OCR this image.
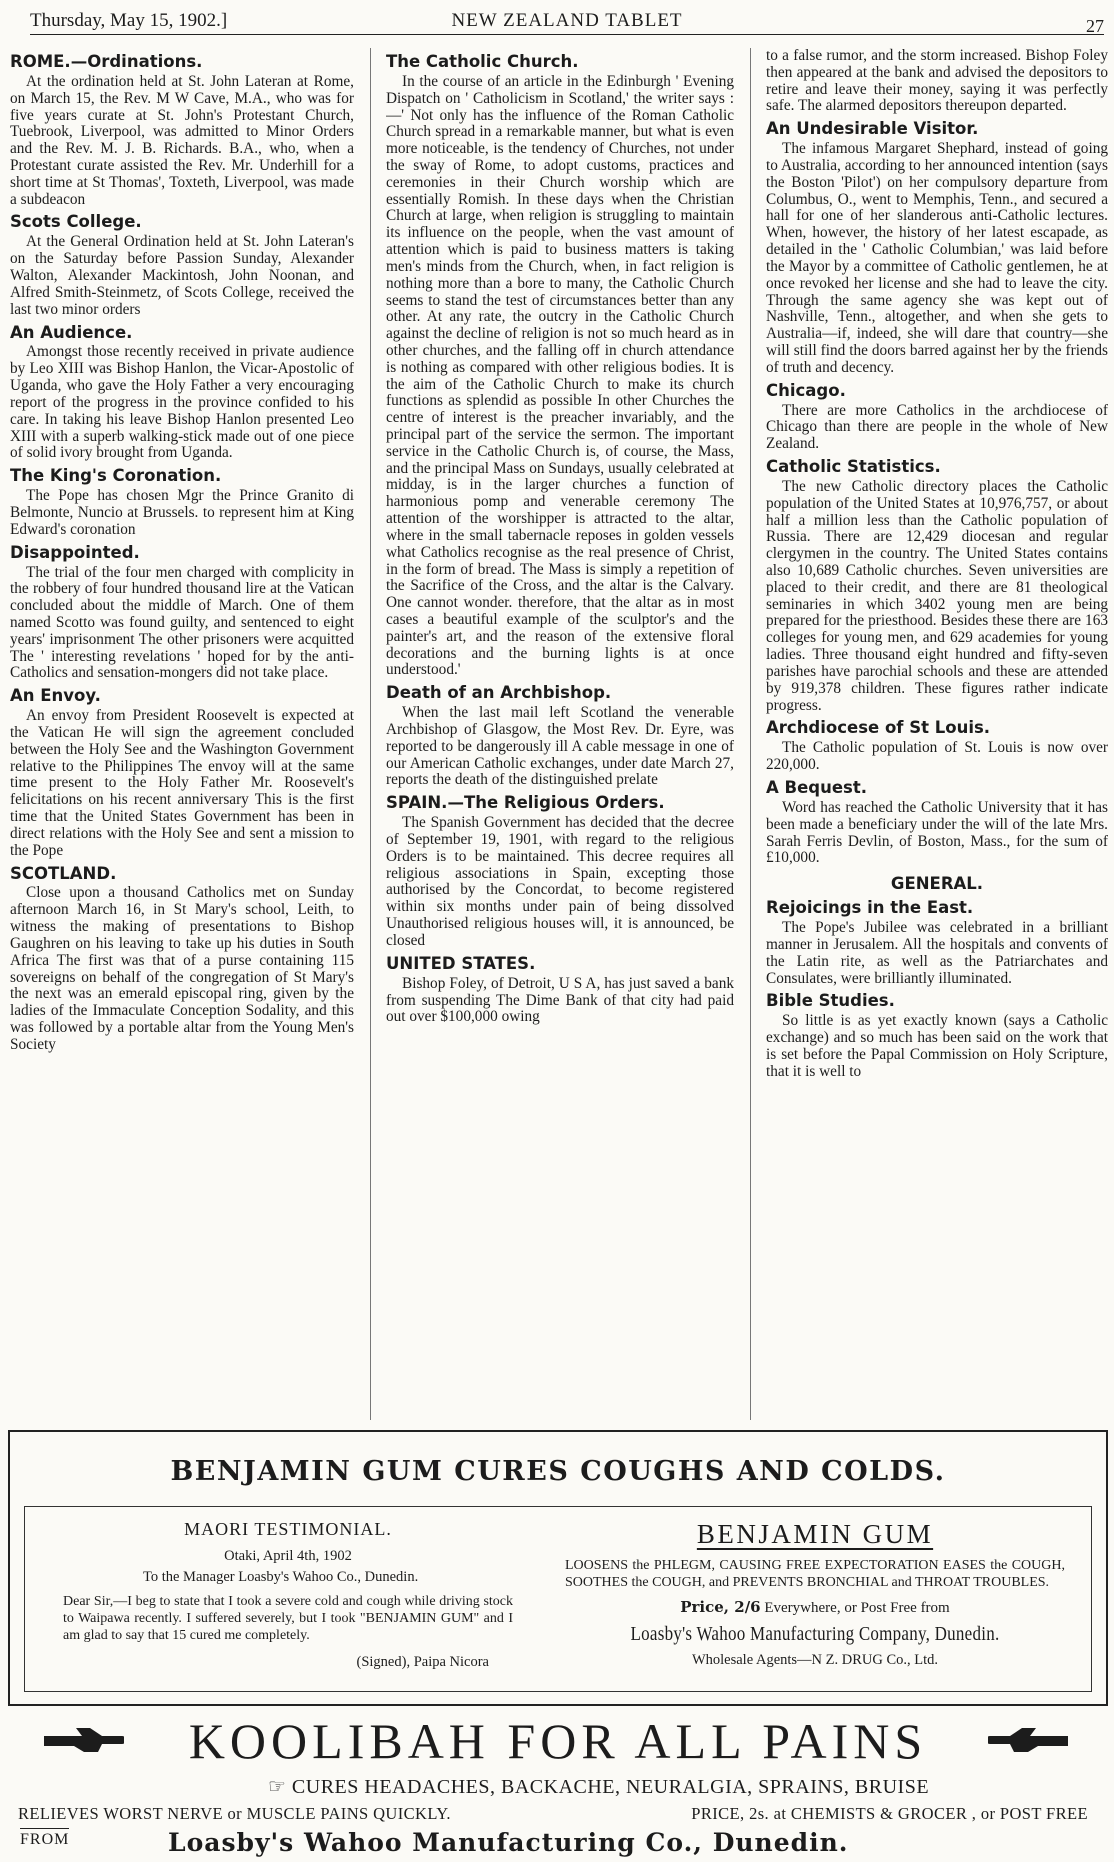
Thursday, May 15, 1902.]	NEW ZEALAND TABLET	27
ROME.—Ordinations.

At the ordination held at St. John Lateran at Rome, on March 15, the Rev. M W Cave, M.A., who was for five years curate at St. John's Protestant Church, Tuebrook, Liverpool, was admitted to Minor Orders and the Rev. M. J. B. Richards. B.A., who, when a Protestant curate assisted the Rev. Mr. Underhill for a short time at St Thomas', Toxteth, Liverpool, was made a subdeacon

Scots College.

At the General Ordination held at St. John Lateran's on the Saturday before Passion Sunday, Alexander Walton, Alexander Mackintosh, John Noonan, and Alfred Smith-Steinmetz, of Scots College, received the last two minor orders

An Audience.

Amongst those recently received in private audience by Leo XIII was Bishop Hanlon, the Vicar-Apostolic of Uganda, who gave the Holy Father a very encouraging report of the progress in the province confided to his care. In taking his leave Bishop Hanlon presented Leo XIII with a superb walking-stick made out of one piece of solid ivory brought from Uganda.

The King's Coronation.

The Pope has chosen Mgr the Prince Granito di Belmonte, Nuncio at Brussels. to represent him at King Edward's coronation

Disappointed.

The trial of the four men charged with complicity in the robbery of four hundred thousand lire at the Vatican concluded about the middle of March. One of them named Scotto was found guilty, and sentenced to eight years' imprisonment The other prisoners were acquitted The ' interesting revelations ' hoped for by the anti-Catholics and sensation-mongers did not take place.

An Envoy.

An envoy from President Roosevelt is expected at the Vatican He will sign the agreement concluded between the Holy See and the Washington Government relative to the Philippines The envoy will at the same time present to the Holy Father Mr. Roosevelt's felicitations on his recent anniversary This is the first time that the United States Government has been in direct relations with the Holy See and sent a mission to the Pope

SCOTLAND.

Close upon a thousand Catholics met on Sunday afternoon March 16, in St Mary's school, Leith, to witness the making of presentations to Bishop Gaughren on his leaving to take up his duties in South Africa The first was that of a purse containing 115 sovereigns on behalf of the congregation of St Mary's the next was an emerald episcopal ring, given by the ladies of the Immaculate Conception Sodality, and this was followed by a portable altar from the Young Men's Society

The Catholic Church.

In the course of an article in the Edinburgh ' Evening Dispatch on ' Catholicism in Scotland,' the writer says :—' Not only has the influence of the Roman Catholic Church spread in a remarkable manner, but what is even more noticeable, is the tendency of Churches, not under the sway of Rome, to adopt customs, practices and ceremonies in their Church worship which are essentially Romish. In these days when the Christian Church at large, when religion is struggling to maintain its influence on the people, when the vast amount of attention which is paid to business matters is taking men's minds from the Church, when, in fact religion is nothing more than a bore to many, the Catholic Church seems to stand the test of circumstances better than any other. At any rate, the outcry in the Catholic Church against the decline of religion is not so much heard as in other churches, and the falling off in church attendance is nothing as compared with other religious bodies. It is the aim of the Catholic Church to make its church functions as splendid as possible In other Churches the centre of interest is the preacher invariably, and the principal part of the service the sermon. The important service in the Catholic Church is, of course, the Mass, and the principal Mass on Sundays, usually celebrated at midday, is in the larger churches a function of harmonious pomp and venerable ceremony The attention of the worshipper is attracted to the altar, where in the small tabernacle reposes in golden vessels what Catholics recognise as the real presence of Christ, in the form of bread. The Mass is simply a repetition of the Sacrifice of the Cross, and the altar is the Calvary. One cannot wonder. therefore, that the altar as in most cases a beautiful example of the sculptor's and the painter's art, and the reason of the extensive floral decorations and the burning lights is at once understood.'

Death of an Archbishop.

When the last mail left Scotland the venerable Archbishop of Glasgow, the Most Rev. Dr. Eyre, was reported to be dangerously ill A cable message in one of our American Catholic exchanges, under date March 27, reports the death of the distinguished prelate

SPAIN.—The Religious Orders.

The Spanish Government has decided that the decree of September 19, 1901, with regard to the religious Orders is to be maintained. This decree requires all religious associations in Spain, excepting those authorised by the Concordat, to become registered within six months under pain of being dissolved Unauthorised religious houses will, it is announced, be closed

UNITED STATES.

Bishop Foley, of Detroit, U S A, has just saved a bank from suspending The Dime Bank of that city had paid out over $100,000 owing

to a false rumor, and the storm increased. Bishop Foley then appeared at the bank and advised the depositors to retire and leave their money, saying it was perfectly safe. The alarmed depositors thereupon departed.

An Undesirable Visitor.

The infamous Margaret Shephard, instead of going to Australia, according to her announced intention (says the Boston 'Pilot') on her compulsory departure from Columbus, O., went to Memphis, Tenn., and secured a hall for one of her slanderous anti-Catholic lectures. When, however, the history of her latest escapade, as detailed in the ' Catholic Columbian,' was laid before the Mayor by a committee of Catholic gentlemen, he at once revoked her license and she had to leave the city. Through the same agency she was kept out of Nashville, Tenn., altogether, and when she gets to Australia—if, indeed, she will dare that country—she will still find the doors barred against her by the friends of truth and decency.

Chicago.

There are more Catholics in the archdiocese of Chicago than there are people in the whole of New Zealand.

Catholic Statistics.

The new Catholic directory places the Catholic population of the United States at 10,976,757, or about half a million less than the Catholic population of Russia. There are 12,429 diocesan and regular clergymen in the country. The United States contains also 10,689 Catholic churches. Seven universities are placed to their credit, and there are 81 theological seminaries in which 3402 young men are being prepared for the priesthood. Besides these there are 163 colleges for young men, and 629 academies for young ladies. Three thousand eight hundred and fifty-seven parishes have parochial schools and these are attended by 919,378 children. These figures rather indicate progress.

Archdiocese of St Louis.

The Catholic population of St. Louis is now over 220,000.

A Bequest.

Word has reached the Catholic University that it has been made a beneficiary under the will of the late Mrs. Sarah Ferris Devlin, of Boston, Mass., for the sum of £10,000.

GENERAL.
Rejoicings in the East.

The Pope's Jubilee was celebrated in a brilliant manner in Jerusalem. All the hospitals and convents of the Latin rite, as well as the Patriarchates and Consulates, were brilliantly illuminated.

Bible Studies.

So little is as yet exactly known (says a Catholic exchange) and so much has been said on the work that is set before the Papal Commission on Holy Scripture, that it is well to

BENJAMIN GUM CURES COUGHS AND COLDS.
MAORI TESTIMONIAL.
Otaki, April 4th, 1902
To the Manager Loasby's Wahoo Co., Dunedin.
Dear Sir,—I beg to state that I took a severe cold and cough while driving stock to Waipawa recently. I suffered severely, but I took "BENJAMIN GUM" and I am glad to say that 15 cured me completely.
(Signed), Paipa Nicora
BENJAMIN GUM
LOOSENS the PHLEGM, CAUSING FREE EXPECTORATION EASES the COUGH, SOOTHES the COUGH, and PREVENTS BRONCHIAL and THROAT TROUBLES.
Price, 2/6 Everywhere, or Post Free from
Loasby's Wahoo Manufacturing Company, Dunedin.
Wholesale Agents—N Z. DRUG Co., Ltd.
KOOLIBAH FOR ALL PAINS
☞ CURES HEADACHES, BACKACHE, NEURALGIA, SPRAINS, BRUISE
RELIEVES WORST NERVE or MUSCLE PAINS QUICKLY.	PRICE, 2s. at CHEMISTS & GROCER , or POST FREE
FROM	Loasby's Wahoo Manufacturing Co., Dunedin.
